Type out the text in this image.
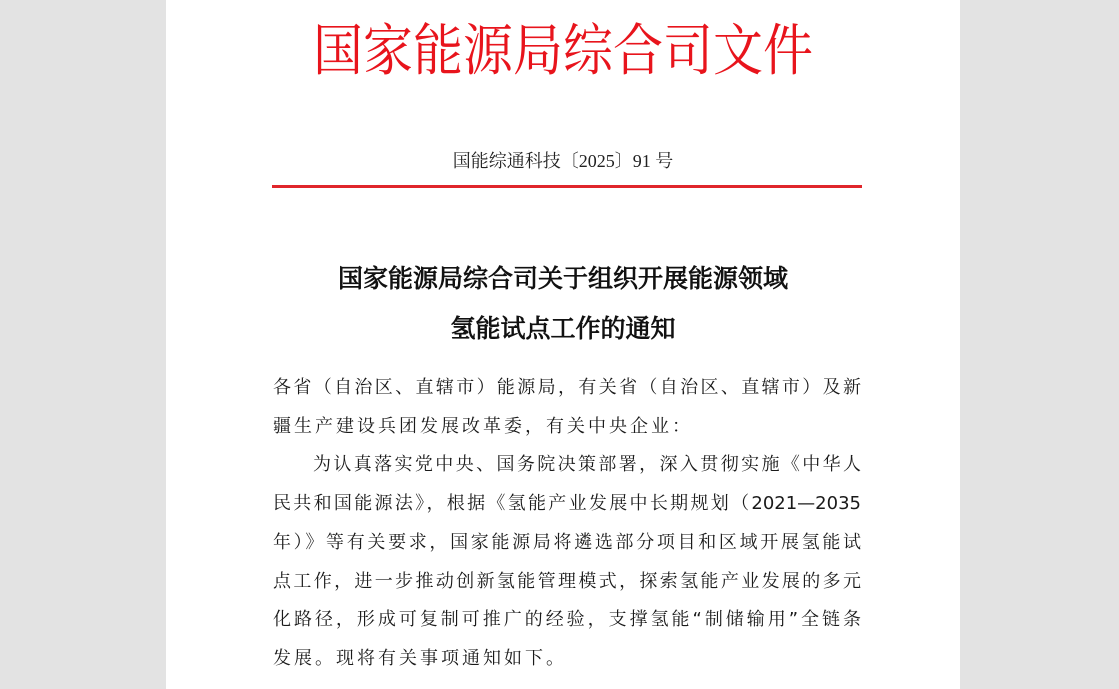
国家能源局综合司文件
国能综通科技〔2025〕91 号
国家能源局综合司关于组织开展能源领域
氢能试点工作的通知
各省（自治区、直辖市）能源局，有关省（自治区、直辖市）及新
疆生产建设兵团发展改革委，有关中央企业：
为认真落实党中央、国务院决策部署，深入贯彻实施《中华人
民共和国能源法》，根据《氢能产业发展中长期规划（2021—2035
年）》等有关要求，国家能源局将遴选部分项目和区域开展氢能试
点工作，进一步推动创新氢能管理模式，探索氢能产业发展的多元
化路径，形成可复制可推广的经验，支撑氢能“制储输用”全链条
发展。现将有关事项通知如下。
